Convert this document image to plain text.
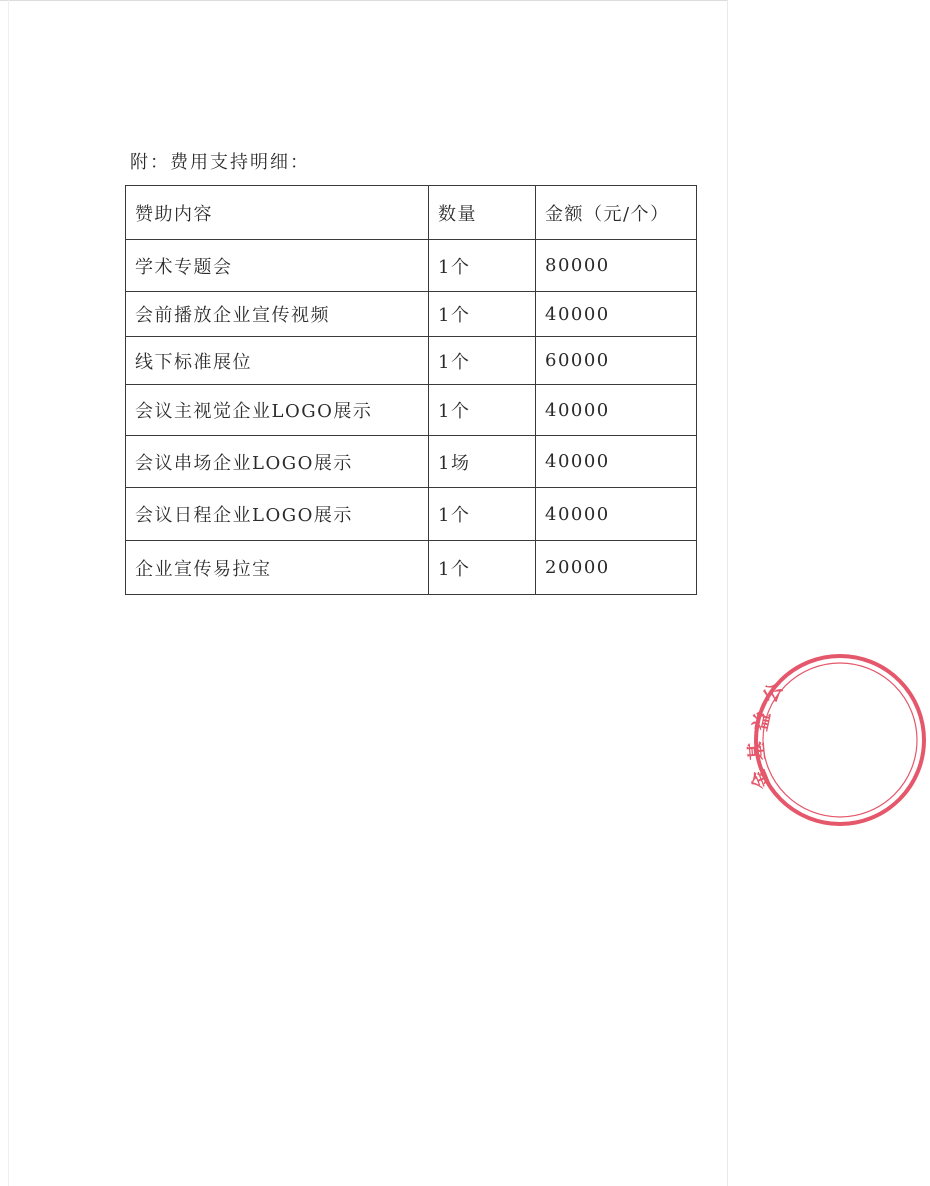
附：费用支持明细：
赞助内容	数量	金额（元/个）
学术专题会	1个	80000
会前播放企业宣传视频	1个	40000
线下标准展位	1个	60000
会议主视觉企业LOGO展示	1个	40000
会议串场企业LOGO展示	1场	40000
会议日程企业LOGO展示	1个	40000
企业宣传易拉宝	1个	20000
公
益
基
金
